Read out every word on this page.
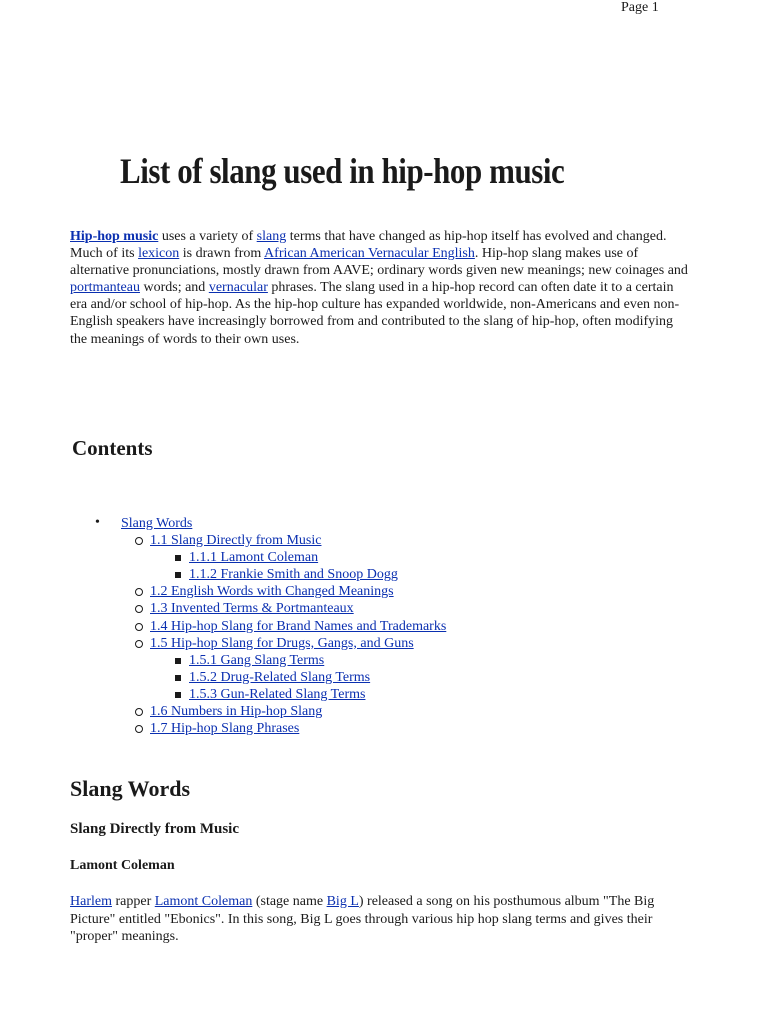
Page 1
List of slang used in hip-hop music

Hip-hop music uses a variety of slang terms that have changed as hip-hop itself has evolved and changed. Much of its lexicon is drawn from African American Vernacular English. Hip-hop slang makes use of alternative pronunciations, mostly drawn from AAVE; ordinary words given new meanings; new coinages and portmanteau words; and vernacular phrases. The slang used in a hip-hop record can often date it to a certain era and/or school of hip-hop. As the hip-hop culture has expanded worldwide, non-Americans and even non-English speakers have increasingly borrowed from and contributed to the slang of hip-hop, often modifying the meanings of words to their own uses.

Contents
• Slang Words
1.1 Slang Directly from Music
1.1.1 Lamont Coleman
1.1.2 Frankie Smith and Snoop Dogg
1.2 English Words with Changed Meanings
1.3 Invented Terms & Portmanteaux
1.4 Hip-hop Slang for Brand Names and Trademarks
1.5 Hip-hop Slang for Drugs, Gangs, and Guns
1.5.1 Gang Slang Terms
1.5.2 Drug-Related Slang Terms
1.5.3 Gun-Related Slang Terms
1.6 Numbers in Hip-hop Slang
1.7 Hip-hop Slang Phrases
Slang Words
Slang Directly from Music
Lamont Coleman

Harlem rapper Lamont Coleman (stage name Big L) released a song on his posthumous album "The Big Picture" entitled "Ebonics". In this song, Big L goes through various hip hop slang terms and gives their "proper" meanings.
